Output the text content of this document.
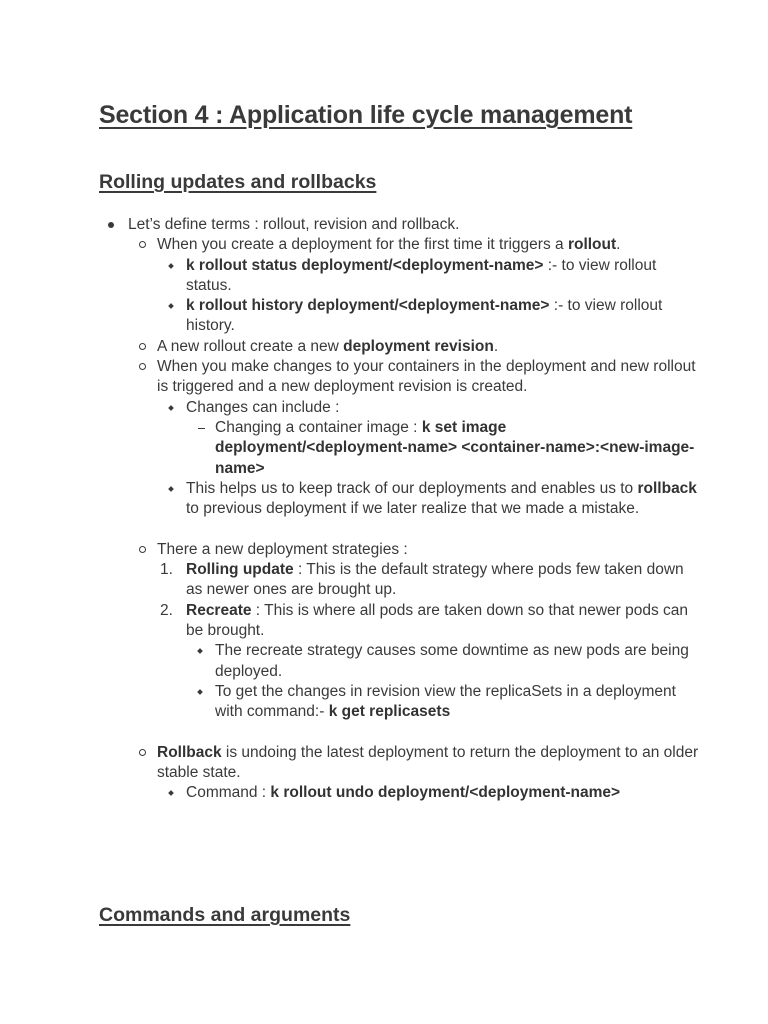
Section 4 : Application life cycle management
Rolling updates and rollbacks
Let’s define terms : rollout, revision and rollback.
When you create a deployment for the first time it triggers a rollout.
k rollout status deployment/<deployment-name> :- to view rollout status.
k rollout history deployment/<deployment-name> :- to view rollout history.
A new rollout create a new deployment revision.
When you make changes to your containers in the deployment and new rollout is triggered and a new deployment revision is created.
Changes can include :
Changing a container image : k set image deployment/<deployment-name> <container-name>:<new-image-name>
This helps us to keep track of our deployments and enables us to rollback to previous deployment if we later realize that we made a mistake.
There a new deployment strategies :
1. Rolling update : This is the default strategy where pods few taken down as newer ones are brought up.
2. Recreate : This is where all pods are taken down so that newer pods can be brought.
The recreate strategy causes some downtime as new pods are being deployed.
To get the changes in revision view the replicaSets in a deployment with command:- k get replicasets
Rollback is undoing the latest deployment to return the deployment to an older stable state.
Command : k rollout undo deployment/<deployment-name>
Commands and arguments
